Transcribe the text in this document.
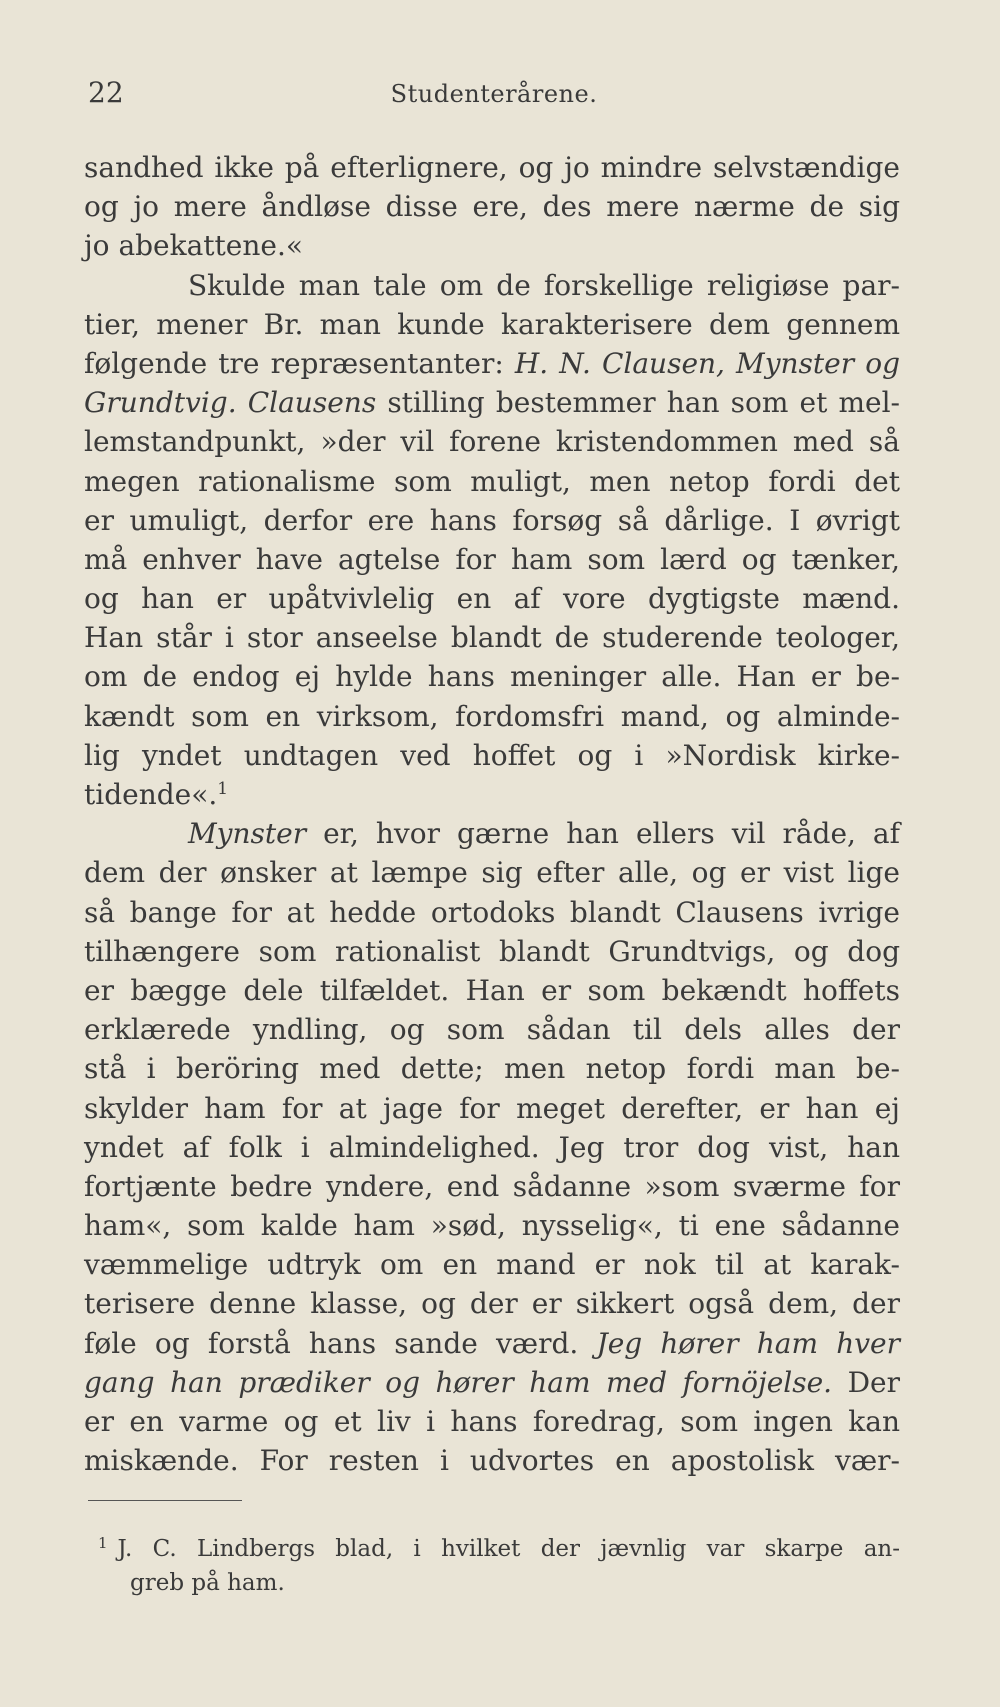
22	Studenterårene.
sandhed ikke på efterlignere, og jo mindre selvstændige
og jo mere åndløse disse ere, des mere nærme de sig
jo abekattene.«
Skulde man tale om de forskellige religiøse par-
tier, mener Br. man kunde karakterisere dem gennem
følgende tre repræsentanter: H. N. Clausen, Mynster og
Grundtvig. Clausens stilling bestemmer han som et mel-
lemstandpunkt, »der vil forene kristendommen med så
megen rationalisme som muligt, men netop fordi det
er umuligt, derfor ere hans forsøg så dårlige. I øvrigt
må enhver have agtelse for ham som lærd og tænker,
og han er upåtvivlelig en af vore dygtigste mænd.
Han står i stor anseelse blandt de studerende teologer,
om de endog ej hylde hans meninger alle. Han er be-
kændt som en virksom, fordomsfri mand, og alminde-
lig yndet undtagen ved hoffet og i »Nordisk kirke-
tidende«.$^1$
Mynster er, hvor gærne han ellers vil råde, af
dem der ønsker at læmpe sig efter alle, og er vist lige
så bange for at hedde ortodoks blandt Clausens ivrige
tilhængere som rationalist blandt Grundtvigs, og dog
er bægge dele tilfældet. Han er som bekændt hoffets
erklærede yndling, og som sådan til dels alles der
stå i beröring med dette; men netop fordi man be-
skylder ham for at jage for meget derefter, er han ej
yndet af folk i almindelighed. Jeg tror dog vist, han
fortjænte bedre yndere, end sådanne »som sværme for
ham«, som kalde ham »sød, nysselig«, ti ene sådanne
væmmelige udtryk om en mand er nok til at karak-
terisere denne klasse, og der er sikkert også dem, der
føle og forstå hans sande værd. Jeg hører ham hver
gang han prædiker og hører ham med fornöjelse. Der
er en varme og et liv i hans foredrag, som ingen kan
miskænde. For resten i udvortes en apostolisk vær-
$^1$ J. C. Lindbergs blad, i hvilket der jævnlig var skarpe an-
greb på ham.
